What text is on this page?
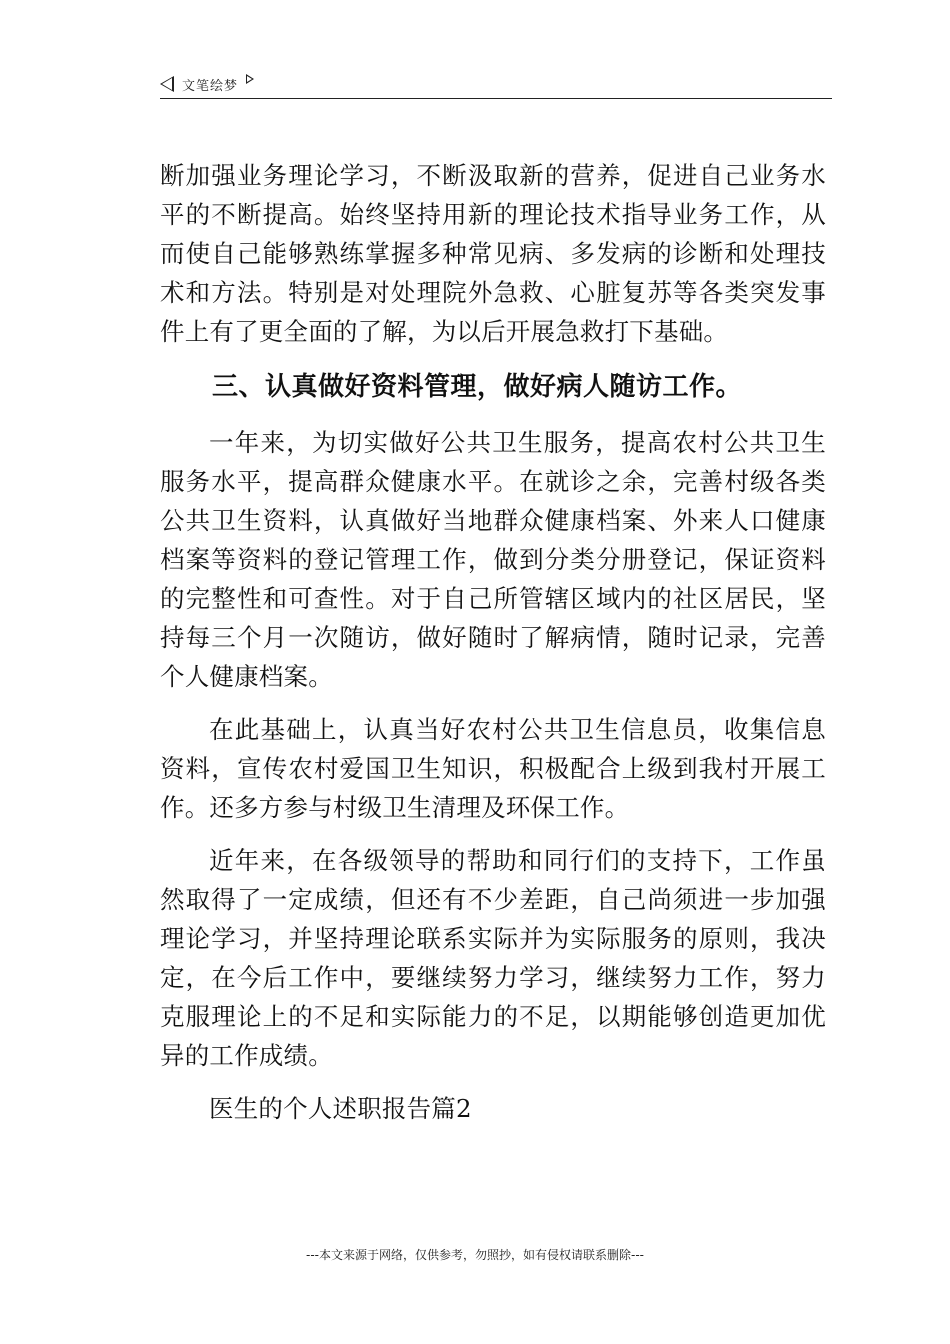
文笔绘梦

断加强业务理论学习，不断汲取新的营养，促进自己业务水平的不断提高。始终坚持用新的理论技术指导业务工作，从而使自己能够熟练掌握多种常见病、多发病的诊断和处理技术和方法。特别是对处理院外急救、心脏复苏等各类突发事件上有了更全面的了解，为以后开展急救打下基础。

三、认真做好资料管理，做好病人随访工作。

一年来，为切实做好公共卫生服务，提高农村公共卫生服务水平，提高群众健康水平。在就诊之余，完善村级各类公共卫生资料，认真做好当地群众健康档案、外来人口健康档案等资料的登记管理工作，做到分类分册登记，保证资料的完整性和可查性。对于自己所管辖区域内的社区居民，坚持每三个月一次随访，做好随时了解病情，随时记录，完善个人健康档案。

在此基础上，认真当好农村公共卫生信息员，收集信息资料，宣传农村爱国卫生知识，积极配合上级到我村开展工作。还多方参与村级卫生清理及环保工作。

近年来，在各级领导的帮助和同行们的支持下，工作虽然取得了一定成绩，但还有不少差距，自己尚须进一步加强理论学习，并坚持理论联系实际并为实际服务的原则，我决定，在今后工作中，要继续努力学习，继续努力工作，努力克服理论上的不足和实际能力的不足，以期能够创造更加优异的工作成绩。

医生的个人述职报告篇2

---本文来源于网络，仅供参考，勿照抄，如有侵权请联系删除---
